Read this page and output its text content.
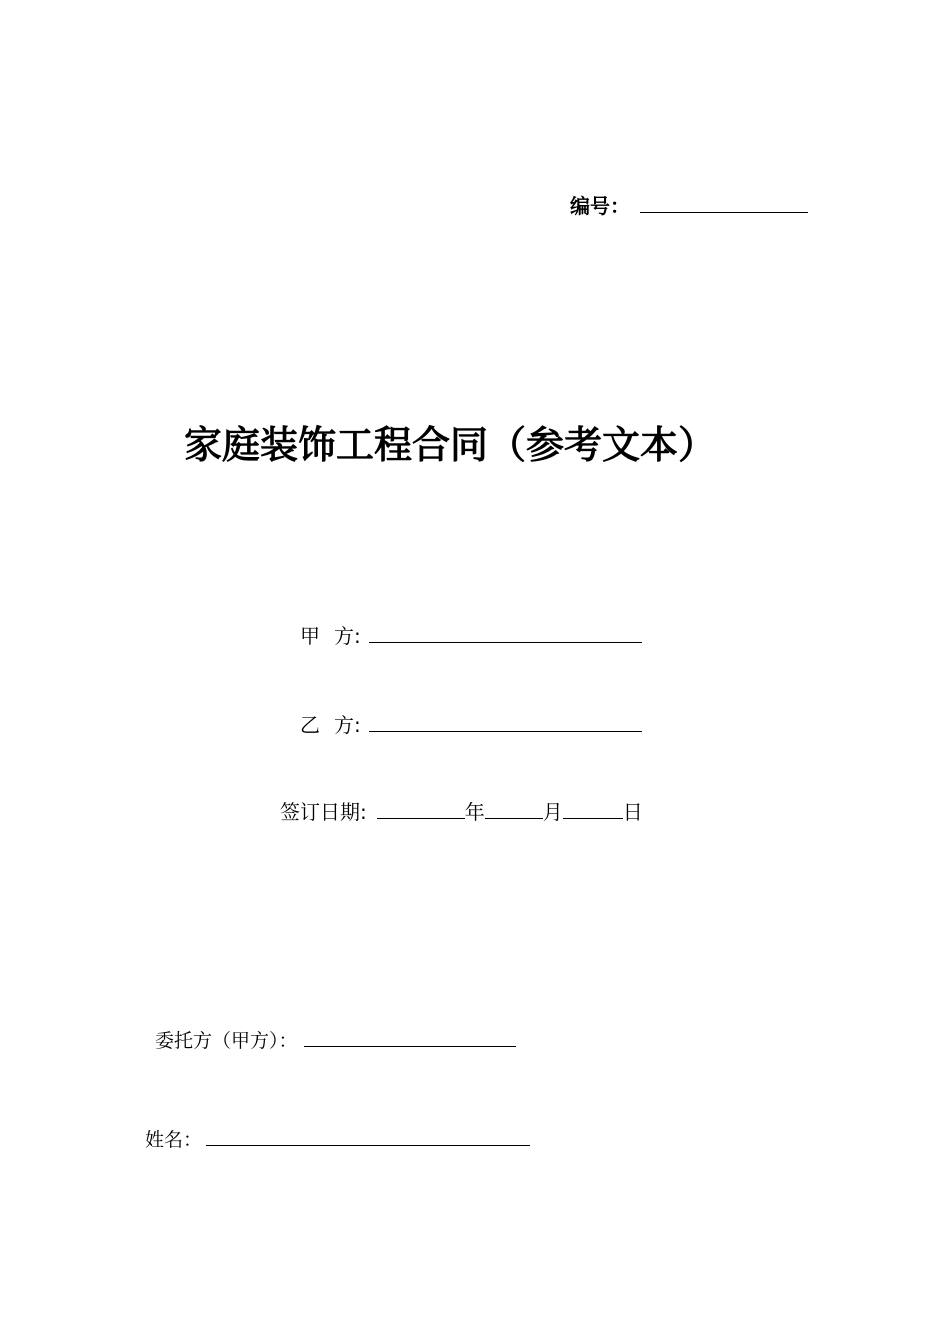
编号：
家庭装饰工程合同（参考文本）
甲 方:
乙 方:
签订日期:	年	月	日
委托方（甲方）：
姓名：
